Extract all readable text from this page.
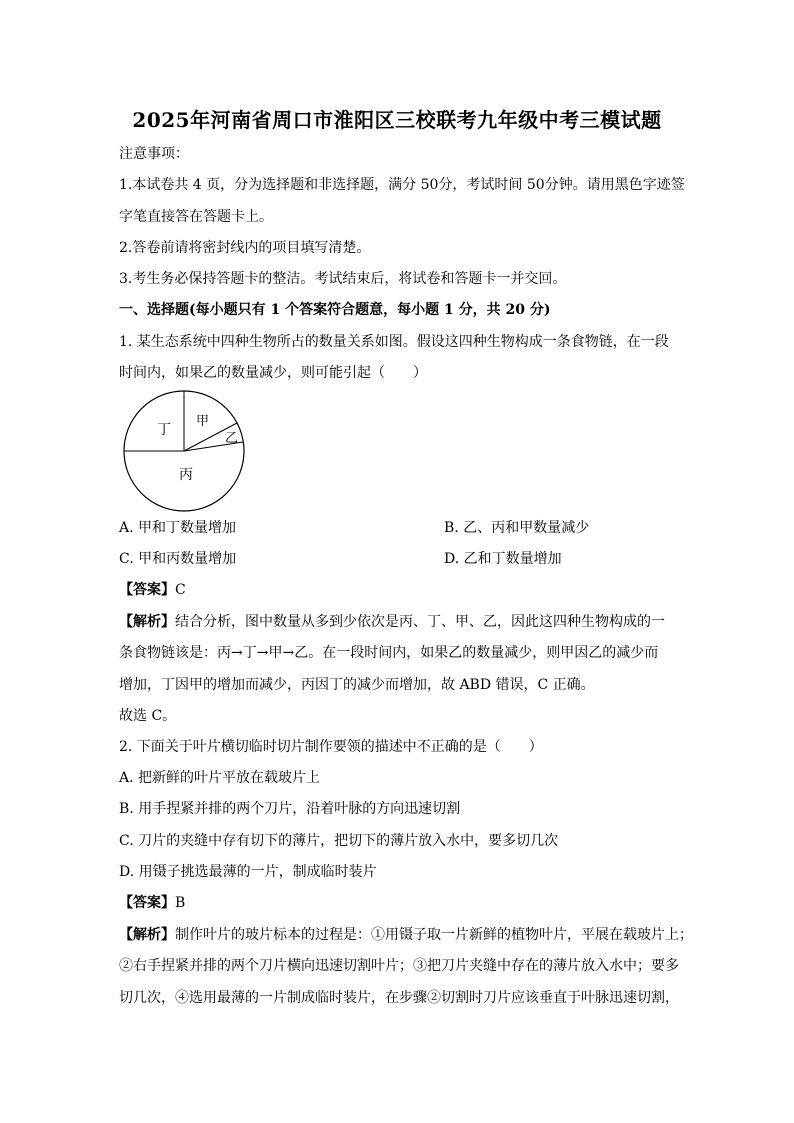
2025年河南省周口市淮阳区三校联考九年级中考三模试题
注意事项：
1.本试卷共 4 页，分为选择题和非选择题，满分 50分，考试时间 50分钟。请用黑色字迹签
字笔直接答在答题卡上。
2.答卷前请将密封线内的项目填写清楚。
3.考生务必保持答题卡的整洁。考试结束后，将试卷和答题卡一并交回。
一、选择题(每小题只有 1 个答案符合题意，每小题 1 分，共 20 分)
1. 某生态系统中四种生物所占的数量关系如图。假设这四种生物构成一条食物链，在一段
时间内，如果乙的数量减少，则可能引起（　　）
丁
甲
乙
丙
A. 甲和丁数量增加	B. 乙、丙和甲数量减少
C. 甲和丙数量增加	D. 乙和丁数量增加
【答案】C
【解析】结合分析，图中数量从多到少依次是丙、丁、甲、乙，因此这四种生物构成的一
条食物链该是：丙→丁→甲→乙。在一段时间内，如果乙的数量减少，则甲因乙的减少而
增加，丁因甲的增加而减少，丙因丁的减少而增加，故 ABD 错误，C 正确。
故选 C。
2. 下面关于叶片横切临时切片制作要领的描述中不正确的是（　　）
A. 把新鲜的叶片平放在载玻片上
B. 用手捏紧并排的两个刀片，沿着叶脉的方向迅速切割
C. 刀片的夹缝中存有切下的薄片，把切下的薄片放入水中，要多切几次
D. 用镊子挑选最薄的一片，制成临时装片
【答案】B
【解析】制作叶片的玻片标本的过程是：①用镊子取一片新鲜的植物叶片，平展在载玻片上；
②右手捏紧并排的两个刀片横向迅速切割叶片；③把刀片夹缝中存在的薄片放入水中；要多
切几次，④选用最薄的一片制成临时装片，在步骤②切割时刀片应该垂直于叶脉迅速切割，
